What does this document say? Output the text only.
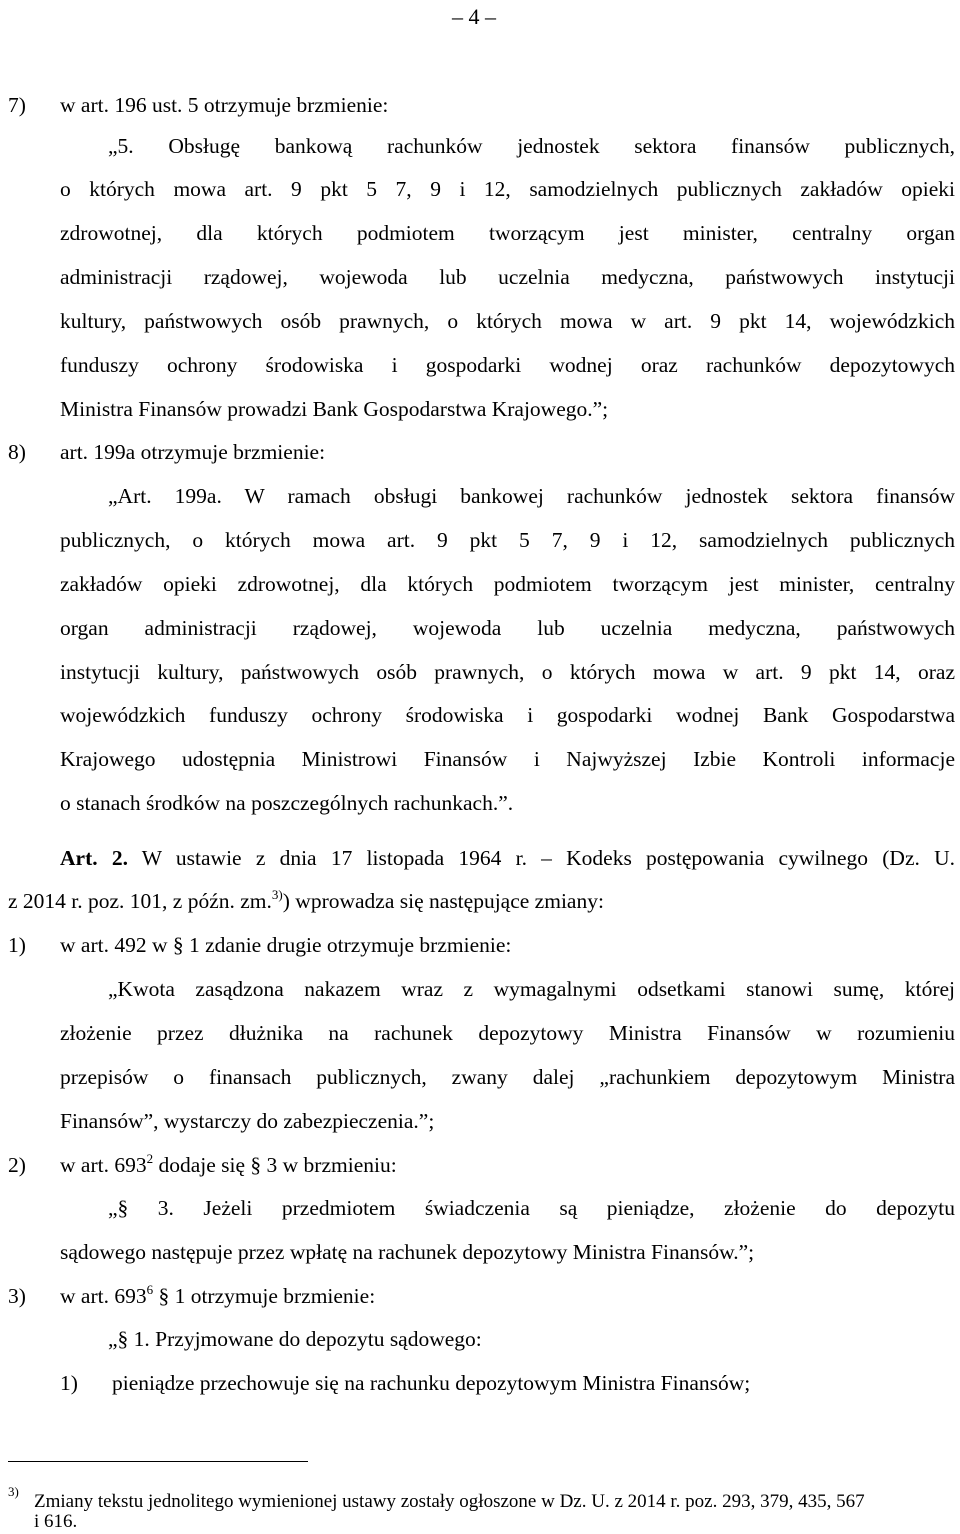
– 4 –
7) w art. 196 ust. 5 otrzymuje brzmienie:
„5. Obsługę bankową rachunków jednostek sektora finansów publicznych,
o których mowa art. 9 pkt 5 7, 9 i 12, samodzielnych publicznych zakładów opieki
zdrowotnej, dla których podmiotem tworzącym jest minister, centralny organ
administracji rządowej, wojewoda lub uczelnia medyczna, państwowych instytucji
kultury, państwowych osób prawnych, o których mowa w art. 9 pkt 14, wojewódzkich
funduszy ochrony środowiska i gospodarki wodnej oraz rachunków depozytowych
Ministra Finansów prowadzi Bank Gospodarstwa Krajowego.”;
8) art. 199a otrzymuje brzmienie:
„Art. 199a. W ramach obsługi bankowej rachunków jednostek sektora finansów
publicznych, o których mowa art. 9 pkt 5 7, 9 i 12, samodzielnych publicznych
zakładów opieki zdrowotnej, dla których podmiotem tworzącym jest minister, centralny
organ administracji rządowej, wojewoda lub uczelnia medyczna, państwowych
instytucji kultury, państwowych osób prawnych, o których mowa w art. 9 pkt 14, oraz
wojewódzkich funduszy ochrony środowiska i gospodarki wodnej Bank Gospodarstwa
Krajowego udostępnia Ministrowi Finansów i Najwyższej Izbie Kontroli informacje
o stanach środków na poszczególnych rachunkach.”.
Art. 2. W ustawie z dnia 17 listopada 1964 r. – Kodeks postępowania cywilnego (Dz. U.
z 2014 r. poz. 101, z późn. zm.$^{3)}$) wprowadza się następujące zmiany:
1) w art. 492 w § 1 zdanie drugie otrzymuje brzmienie:
„Kwota zasądzona nakazem wraz z wymagalnymi odsetkami stanowi sumę, której
złożenie przez dłużnika na rachunek depozytowy Ministra Finansów w rozumieniu
przepisów o finansach publicznych, zwany dalej „rachunkiem depozytowym Ministra
Finansów”, wystarczy do zabezpieczenia.”;
2) w art. $693^2$ dodaje się § 3 w brzmieniu:
„§ 3. Jeżeli przedmiotem świadczenia są pieniądze, złożenie do depozytu
sądowego następuje przez wpłatę na rachunek depozytowy Ministra Finansów.”;
3) w art. $693^6$ § 1 otrzymuje brzmienie:
„§ 1. Przyjmowane do depozytu sądowego:
1) pieniądze przechowuje się na rachunku depozytowym Ministra Finansów;
3) Zmiany tekstu jednolitego wymienionej ustawy zostały ogłoszone w Dz. U. z 2014 r. poz. 293, 379, 435, 567
i 616.
